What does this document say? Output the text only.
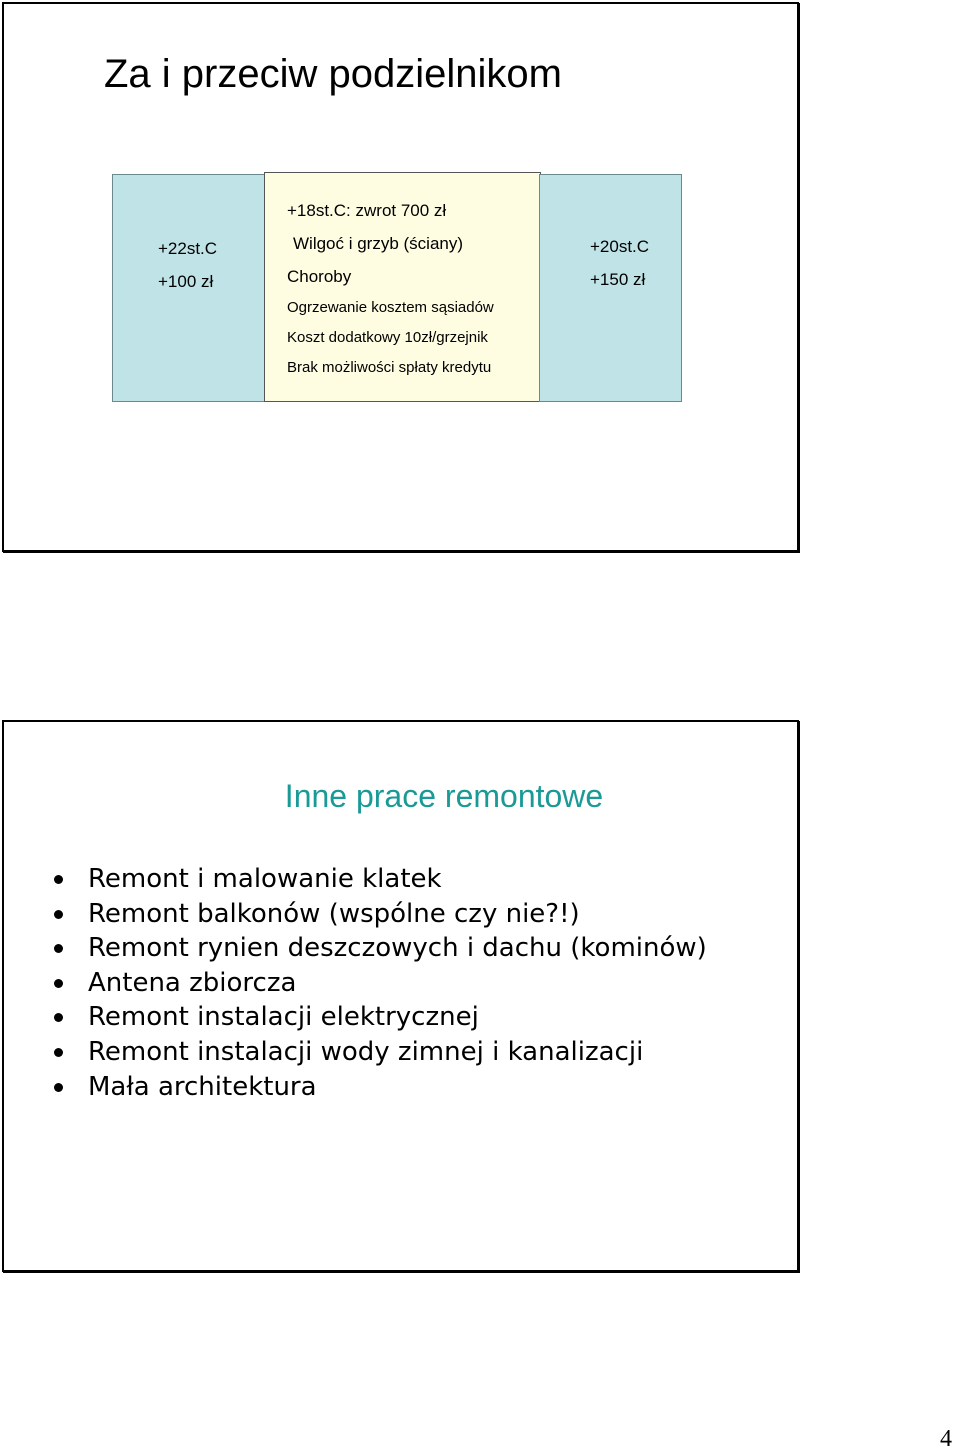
Za i przeciw podzielnikom
+22st.C
+100 zł
+18st.C: zwrot 700 zł
Wilgoć i grzyb (ściany)
Choroby
Ogrzewanie kosztem sąsiadów
Koszt dodatkowy 10zł/grzejnik
Brak możliwości spłaty kredytu
+20st.C
+150 zł
Inne prace remontowe
Remont i malowanie klatek
Remont balkonów (wspólne czy nie?!)
Remont rynien deszczowych i dachu (kominów)
Antena zbiorcza
Remont instalacji elektrycznej
Remont instalacji wody zimnej i kanalizacji
Mała architektura
4
